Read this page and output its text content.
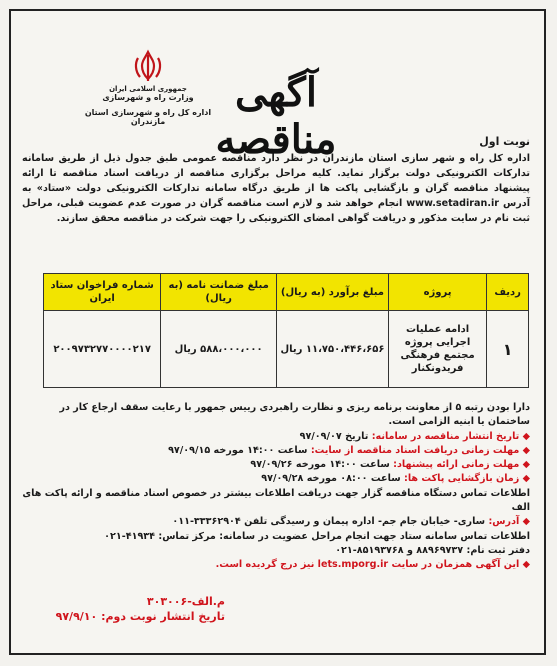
جمهوری اسلامی ایران
وزارت راه و شهرسازی
اداره کل راه و شهرسازی استان مازندران
آگهی مناقصه	نوبت اول
اداره کل راه و شهر سازی استان مازندران در نظر دارد مناقصه عمومی طبق جدول ذیل از طریق سامانه تدارکات الکترونیکی دولت برگزار نماید. کلیه مراحل برگزاری مناقصه از دریافت اسناد مناقصه تا ارائه پیشنهاد مناقصه گران و بازگشایی پاکت ها از طریق درگاه سامانه تدارکات الکترونیکی دولت «ستاد» به آدرس www.setadiran.ir انجام خواهد شد و لازم است مناقصه گران در صورت عدم عضویت قبلی، مراحل ثبت نام در سایت مذکور و دریافت گواهی امضای الکترونیکی را جهت شرکت در مناقصه محقق سازند.
ردیف	پروژه	مبلغ برآورد (به ریال)	مبلغ ضمانت نامه (به ریال)	شماره فراخوان ستاد ایران
۱	ادامه عملیات اجرایی پروژه مجتمع فرهنگی فریدونکنار	۱۱،۷۵۰،۴۴۶،۶۵۶ ریال	۵۸۸،۰۰۰،۰۰۰ ریال	۲۰۰۹۷۳۲۷۷۰۰۰۰۲۱۷

دارا بودن رتبه ۵ از معاونت برنامه ریزی و نظارت راهبردی رییس جمهور با رعایت سقف ارجاع کار در ساختمان یا ابنیه الزامی است.

◆ تاریخ انتشار مناقصه در سامانه: تاریخ ۹۷/۰۹/۰۷

◆ مهلت زمانی دریافت اسناد مناقصه از سایت: ساعت ۱۴:۰۰ مورخه ۹۷/۰۹/۱۵

◆ مهلت زمانی ارائه پیشنهاد: ساعت ۱۴:۰۰ مورخه ۹۷/۰۹/۲۶

◆ زمان بازگشایی پاکت ها: ساعت ۰۸:۰۰ مورخه ۹۷/۰۹/۲۸

اطلاعات تماس دستگاه مناقصه گزار جهت دریافت اطلاعات بیشتر در خصوص اسناد مناقصه و ارائه پاکت های الف

◆ آدرس: ساری- خیابان جام جم- اداره پیمان و رسیدگی تلفن ۳۳۳۶۲۹۰۴-۰۱۱

اطلاعات تماس سامانه ستاد جهت انجام مراحل عضویت در سامانه: مرکز تماس: ۴۱۹۳۴-۰۲۱

دفتر ثبت نام: ۸۸۹۶۹۷۳۷ و ۸۵۱۹۳۷۶۸-۰۲۱

◆ این آگهی همزمان در سایت lets.mporg.ir نیز درج گردیده است.

م.الف-۳۰۳۰۰۶
تاریخ انتشار نوبت دوم: ۹۷/۹/۱۰
